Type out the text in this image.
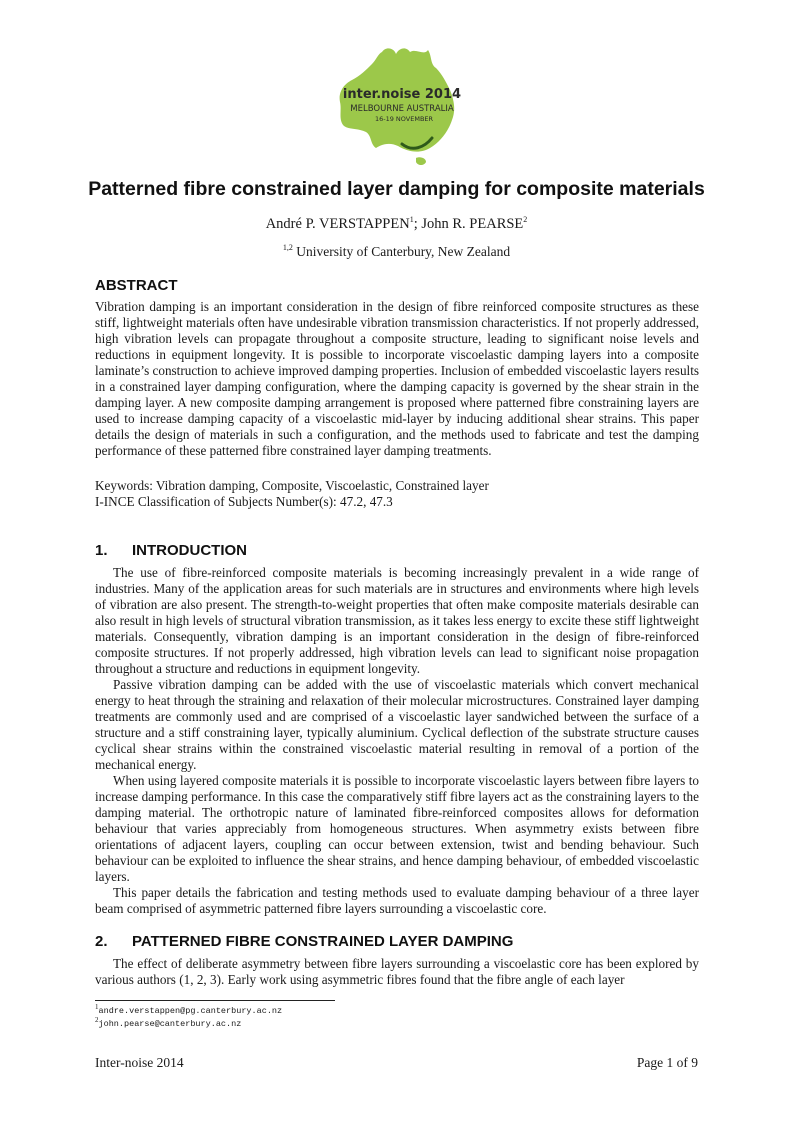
inter.noise 2014
MELBOURNE AUSTRALIA
16-19 NOVEMBER
Patterned fibre constrained layer damping for composite materials
André P. VERSTAPPEN$^1$; John R. PEARSE$^2$
$^{1,2}$ University of Canterbury, New Zealand
ABSTRACT

Vibration damping is an important consideration in the design of fibre reinforced composite structures as these stiff, lightweight materials often have undesirable vibration transmission characteristics. If not properly addressed, high vibration levels can propagate throughout a composite structure, leading to significant noise levels and reductions in equipment longevity. It is possible to incorporate viscoelastic damping layers into a composite laminate’s construction to achieve improved damping properties. Inclusion of embedded viscoelastic layers results in a constrained layer damping configuration, where the damping capacity is governed by the shear strain in the damping layer. A new composite damping arrangement is proposed where patterned fibre constraining layers are used to increase damping capacity of a viscoelastic mid-layer by inducing additional shear strains. This paper details the design of materials in such a configuration, and the methods used to fabricate and test the damping performance of these patterned fibre constrained layer damping treatments.

Keywords: Vibration damping, Composite, Viscoelastic, Constrained layer

I-INCE Classification of Subjects Number(s): 47.2, 47.3

1. INTRODUCTION

The use of fibre-reinforced composite materials is becoming increasingly prevalent in a wide range of industries. Many of the application areas for such materials are in structures and environments where high levels of vibration are also present. The strength-to-weight properties that often make composite materials desirable can also result in high levels of structural vibration transmission, as it takes less energy to excite these stiff lightweight materials. Consequently, vibration damping is an important consideration in the design of fibre-reinforced composite structures. If not properly addressed, high vibration levels can lead to significant noise propagation throughout a structure and reductions in equipment longevity.

Passive vibration damping can be added with the use of viscoelastic materials which convert mechanical energy to heat through the straining and relaxation of their molecular microstructures. Constrained layer damping treatments are commonly used and are comprised of a viscoelastic layer sandwiched between the surface of a structure and a stiff constraining layer, typically aluminium. Cyclical deflection of the substrate structure causes cyclical shear strains within the constrained viscoelastic material resulting in removal of a portion of the mechanical energy.

When using layered composite materials it is possible to incorporate viscoelastic layers between fibre layers to increase damping performance. In this case the comparatively stiff fibre layers act as the constraining layers to the damping material. The orthotropic nature of laminated fibre-reinforced composites allows for deformation behaviour that varies appreciably from homogeneous structures. When asymmetry exists between fibre orientations of adjacent layers, coupling can occur between extension, twist and bending behaviour. Such behaviour can be exploited to influence the shear strains, and hence damping behaviour, of embedded viscoelastic layers.

This paper details the fabrication and testing methods used to evaluate damping behaviour of a three layer beam comprised of asymmetric patterned fibre layers surrounding a viscoelastic core.

2. PATTERNED FIBRE CONSTRAINED LAYER DAMPING

The effect of deliberate asymmetry between fibre layers surrounding a viscoelastic core has been explored by various authors (1, 2, 3). Early work using asymmetric fibres found that the fibre angle of each layer

$^1$andre.verstappen@pg.canterbury.ac.nz
$^2$john.pearse@canterbury.ac.nz
Inter-noise 2014	Page 1 of 9
